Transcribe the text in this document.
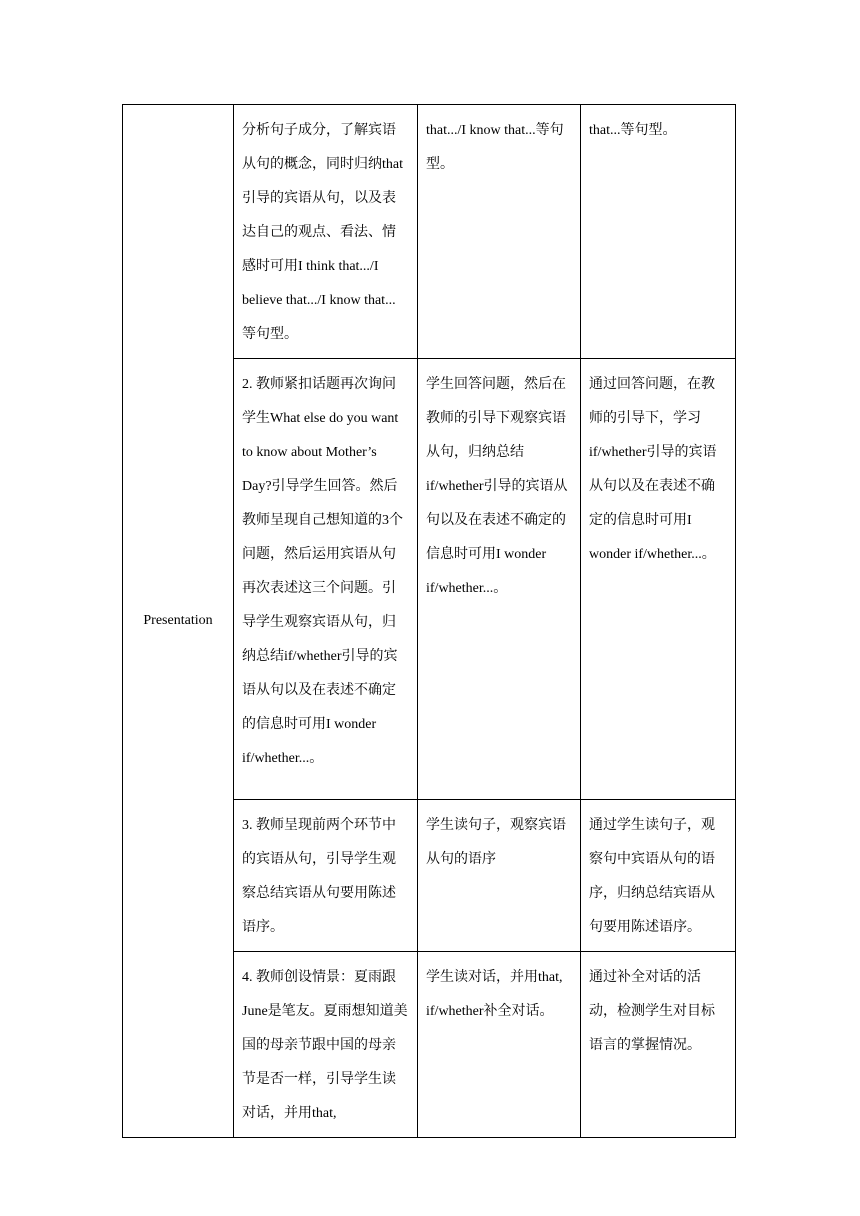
Presentation	分析句子成分，了解宾语从句的概念，同时归纳that引导的宾语从句，以及表达自己的观点、看法、情感时可用I think that.../I believe that.../I know that...等句型。	that.../I know that...等句型。	that...等句型。
	2. 教师紧扣话题再次询问学生What else do you want to know about Mother’s Day?引导学生回答。然后教师呈现自己想知道的3个问题，然后运用宾语从句再次表述这三个问题。引导学生观察宾语从句，归纳总结if/whether引导的宾语从句以及在表述不确定的信息时可用I wonder if/whether...。	学生回答问题，然后在教师的引导下观察宾语从句，归纳总结if/whether引导的宾语从句以及在表述不确定的信息时可用I wonder if/whether...。	通过回答问题，在教师的引导下，学习if/whether引导的宾语从句以及在表述不确定的信息时可用I wonder if/whether...。
	3. 教师呈现前两个环节中的宾语从句，引导学生观察总结宾语从句要用陈述语序。	学生读句子，观察宾语从句的语序	通过学生读句子，观察句中宾语从句的语序，归纳总结宾语从句要用陈述语序。
	4. 教师创设情景：夏雨跟June是笔友。夏雨想知道美国的母亲节跟中国的母亲节是否一样，引导学生读对话，并用that,	学生读对话，并用that, if/whether补全对话。	通过补全对话的活动，检测学生对目标语言的掌握情况。
